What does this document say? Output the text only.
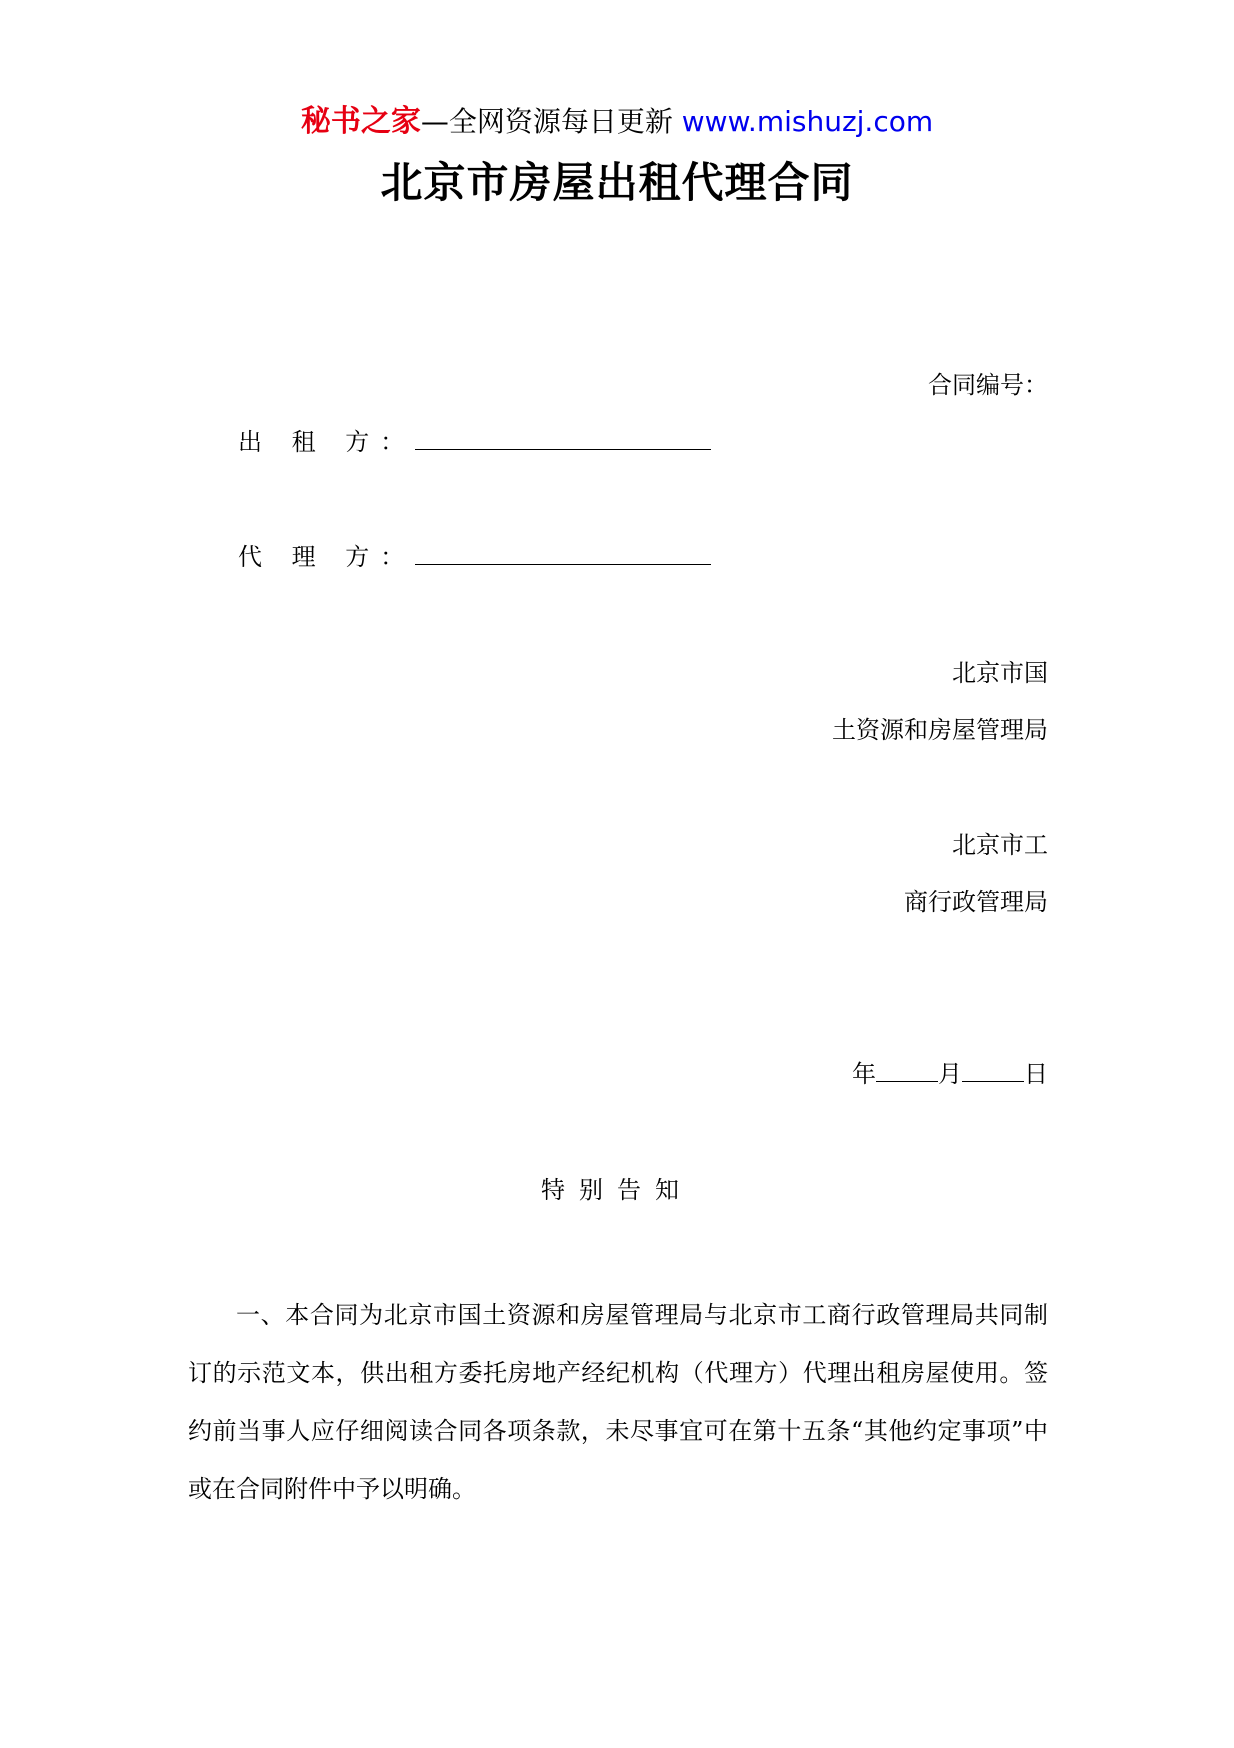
秘书之家—全网资源每日更新 www.mishuzj.com
北京市房屋出租代理合同
合同编号：
出 租 方：
代 理 方：
北京市国
土资源和房屋管理局
北京市工
商行政管理局
年	月	日
特别告知
一、本合同为北京市国土资源和房屋管理局与北京市工商行政管理局共同制订的示范文本，供出租方委托房地产经纪机构（代理方）代理出租房屋使用。签约前当事人应仔细阅读合同各项条款，未尽事宜可在第十五条“其他约定事项”中或在合同附件中予以明确。
